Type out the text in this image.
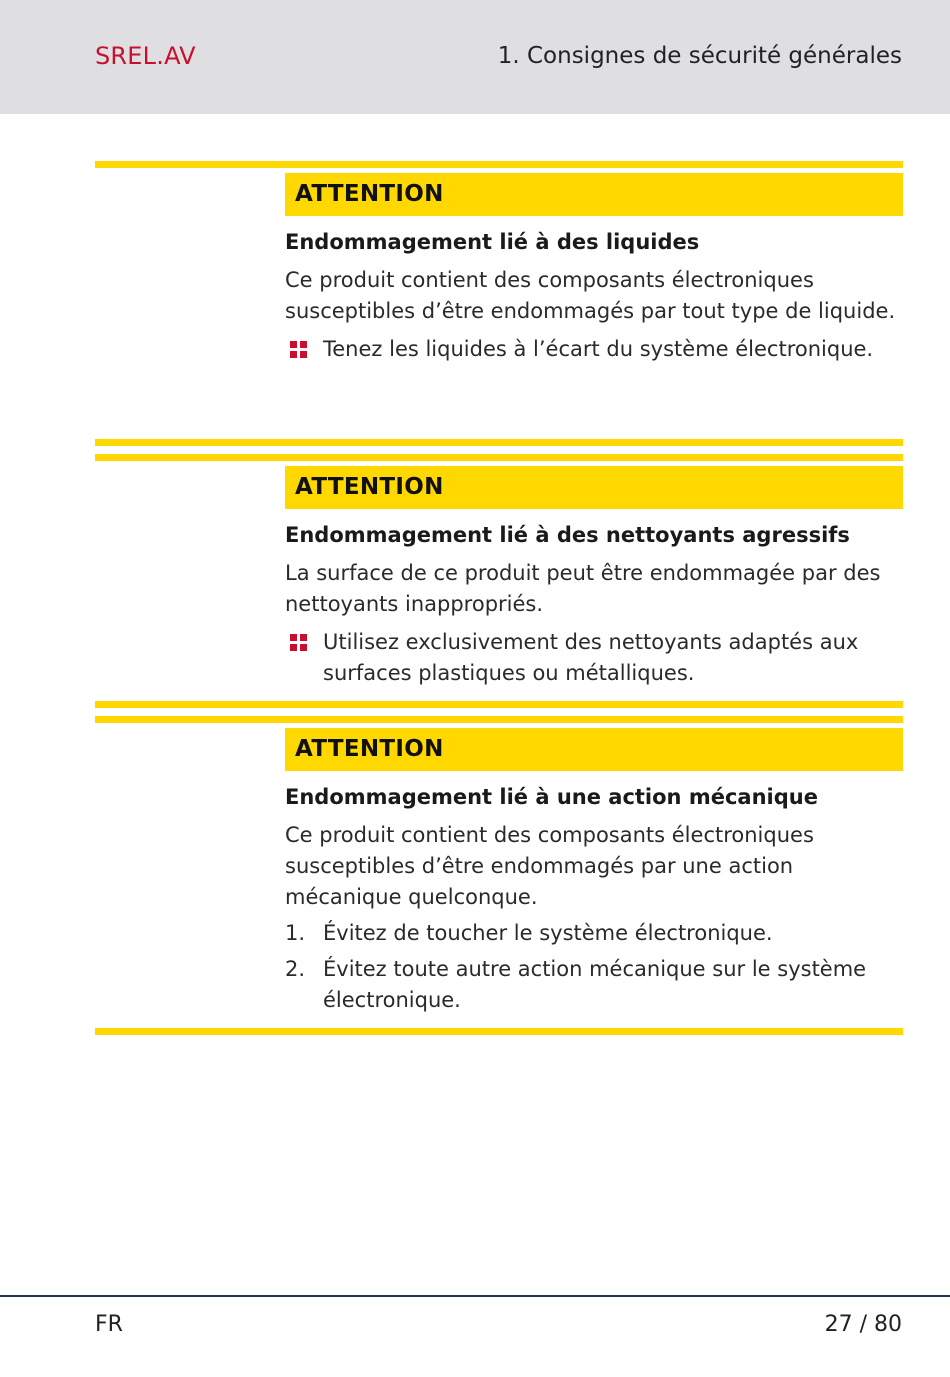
SREL.AV	1. Consignes de sécurité générales
ATTENTION
Endommagement lié à des liquides
Ce produit contient des composants électroniques susceptibles d’être endommagés par tout type de liquide.
Tenez les liquides à l’écart du système électronique.
ATTENTION
Endommagement lié à des nettoyants agressifs
La surface de ce produit peut être endommagée par des nettoyants inappropriés.
Utilisez exclusivement des nettoyants adaptés aux surfaces plastiques ou métalliques.
ATTENTION
Endommagement lié à une action mécanique
Ce produit contient des composants électroniques susceptibles d’être endommagés par une action mécanique quelconque.
1. Évitez de toucher le système électronique.
2. Évitez toute autre action mécanique sur le système électronique.
FR	27 / 80
